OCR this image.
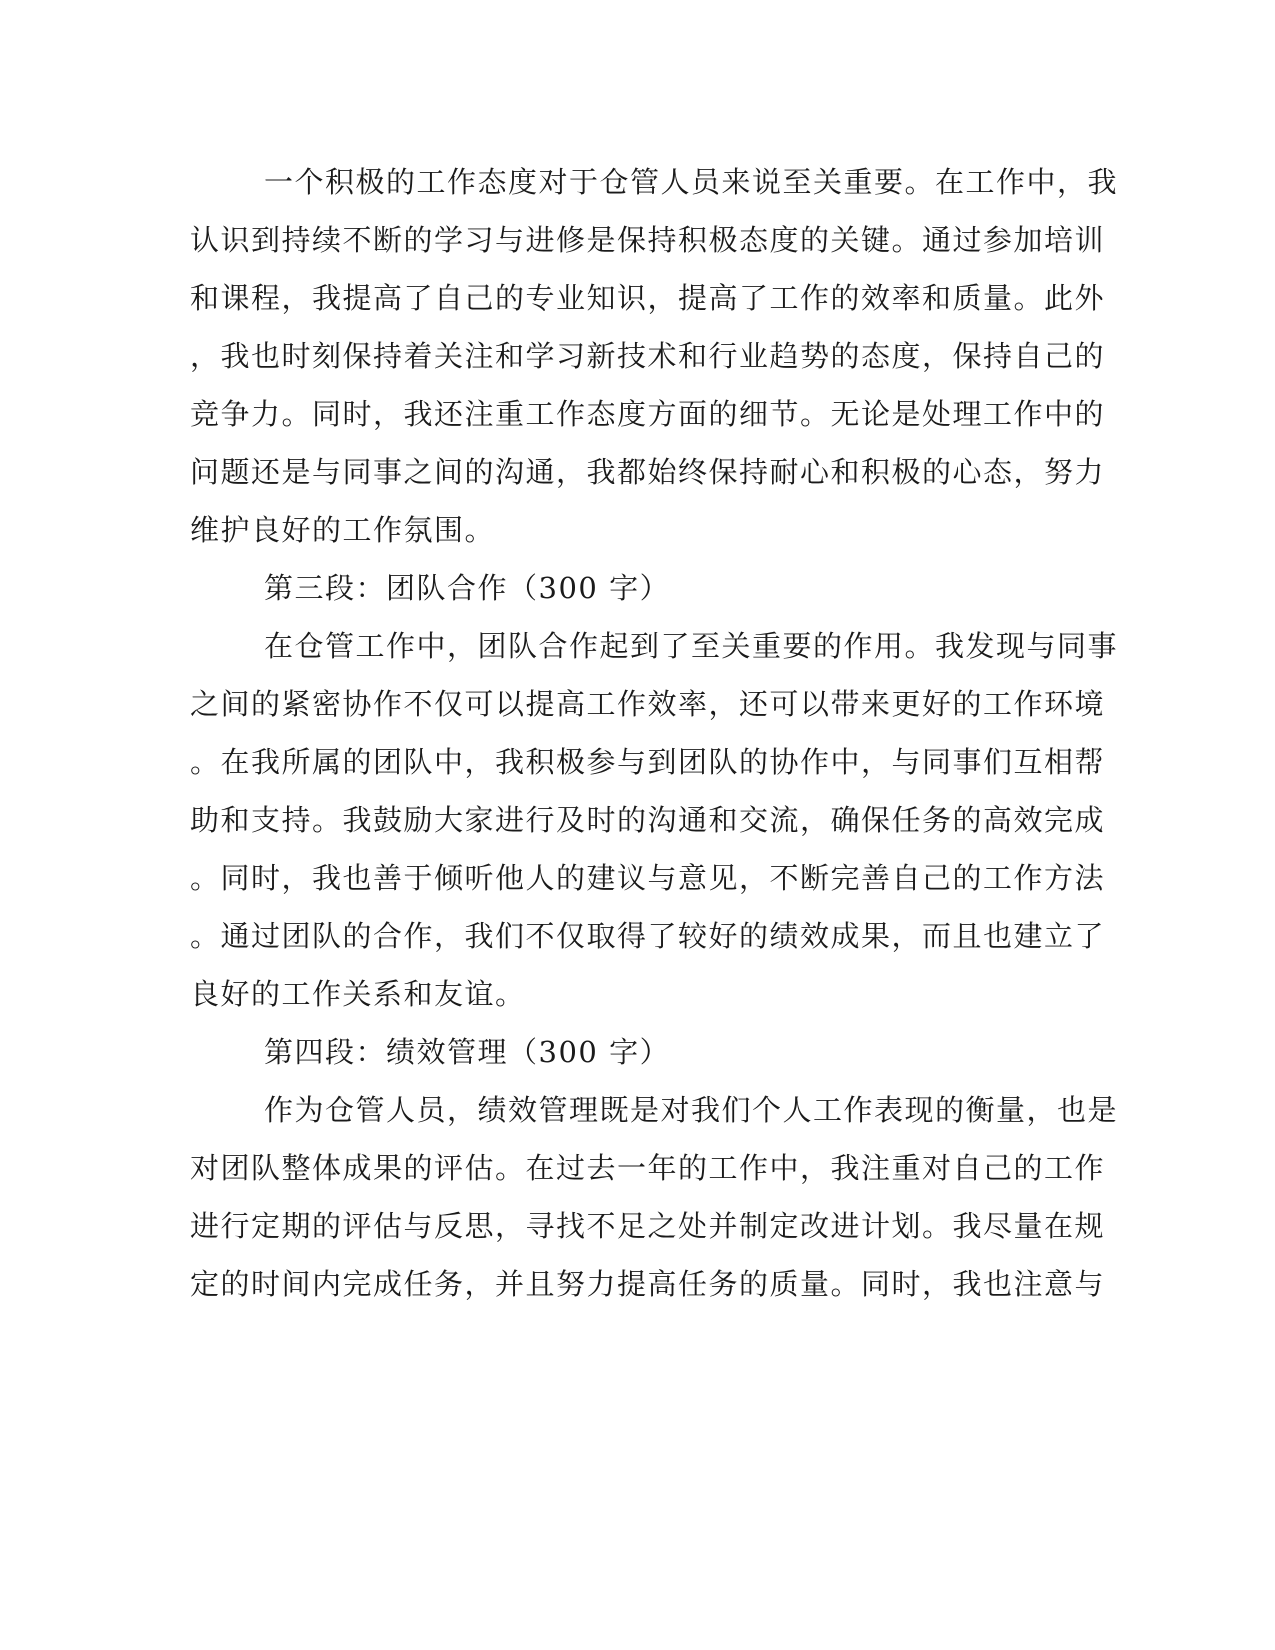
一个积极的工作态度对于仓管人员来说至关重要。在工作中，我
认识到持续不断的学习与进修是保持积极态度的关键。通过参加培训
和课程，我提高了自己的专业知识，提高了工作的效率和质量。此外
，我也时刻保持着关注和学习新技术和行业趋势的态度，保持自己的
竞争力。同时，我还注重工作态度方面的细节。无论是处理工作中的
问题还是与同事之间的沟通，我都始终保持耐心和积极的心态，努力
维护良好的工作氛围。
第三段：团队合作（300 字）
在仓管工作中，团队合作起到了至关重要的作用。我发现与同事
之间的紧密协作不仅可以提高工作效率，还可以带来更好的工作环境
。在我所属的团队中，我积极参与到团队的协作中，与同事们互相帮
助和支持。我鼓励大家进行及时的沟通和交流，确保任务的高效完成
。同时，我也善于倾听他人的建议与意见，不断完善自己的工作方法
。通过团队的合作，我们不仅取得了较好的绩效成果，而且也建立了
良好的工作关系和友谊。
第四段：绩效管理（300 字）
作为仓管人员，绩效管理既是对我们个人工作表现的衡量，也是
对团队整体成果的评估。在过去一年的工作中，我注重对自己的工作
进行定期的评估与反思，寻找不足之处并制定改进计划。我尽量在规
定的时间内完成任务，并且努力提高任务的质量。同时，我也注意与
